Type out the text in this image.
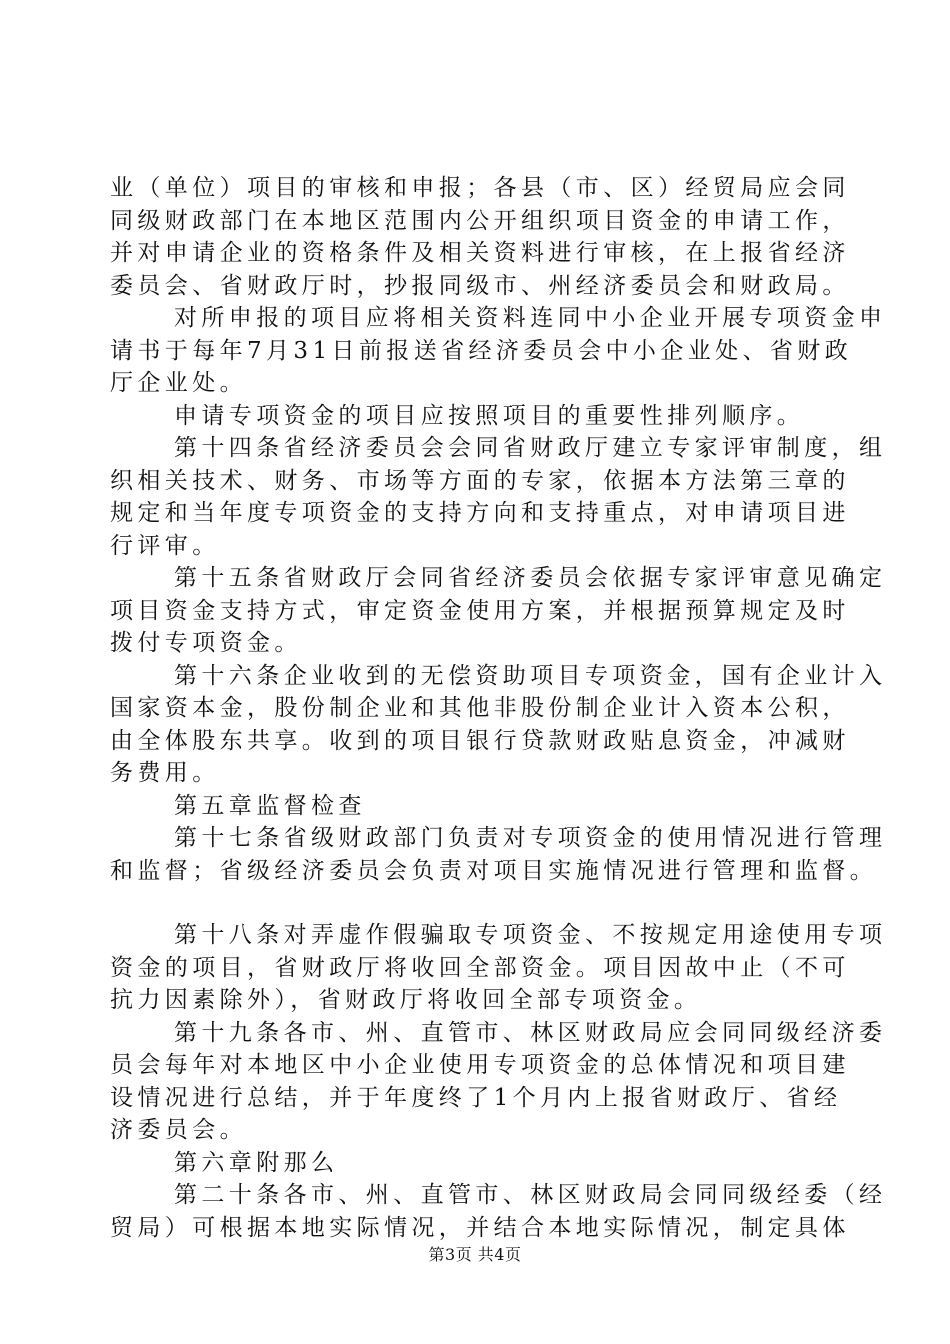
业（单位）项目的审核和申报；各县（市、区）经贸局应会同

同级财政部门在本地区范围内公开组织项目资金的申请工作，

并对申请企业的资格条件及相关资料进行审核，在上报省经济

委员会、省财政厅时，抄报同级市、州经济委员会和财政局。

对所申报的项目应将相关资料连同中小企业开展专项资金申

请书于每年7月31日前报送省经济委员会中小企业处、省财政

厅企业处。

申请专项资金的项目应按照项目的重要性排列顺序。

第十四条省经济委员会会同省财政厅建立专家评审制度，组

织相关技术、财务、市场等方面的专家，依据本方法第三章的

规定和当年度专项资金的支持方向和支持重点，对申请项目进

行评审。

第十五条省财政厅会同省经济委员会依据专家评审意见确定

项目资金支持方式，审定资金使用方案，并根据预算规定及时

拨付专项资金。

第十六条企业收到的无偿资助项目专项资金，国有企业计入

国家资本金，股份制企业和其他非股份制企业计入资本公积，

由全体股东共享。收到的项目银行贷款财政贴息资金，冲减财

务费用。

第五章监督检查

第十七条省级财政部门负责对专项资金的使用情况进行管理

和监督；省级经济委员会负责对项目实施情况进行管理和监督。

第十八条对弄虚作假骗取专项资金、不按规定用途使用专项

资金的项目，省财政厅将收回全部资金。项目因故中止（不可

抗力因素除外），省财政厅将收回全部专项资金。

第十九条各市、州、直管市、林区财政局应会同同级经济委

员会每年对本地区中小企业使用专项资金的总体情况和项目建

设情况进行总结，并于年度终了1个月内上报省财政厅、省经

济委员会。

第六章附那么

第二十条各市、州、直管市、林区财政局会同同级经委（经

贸局）可根据本地实际情况，并结合本地实际情况，制定具体

第3页 共4页
